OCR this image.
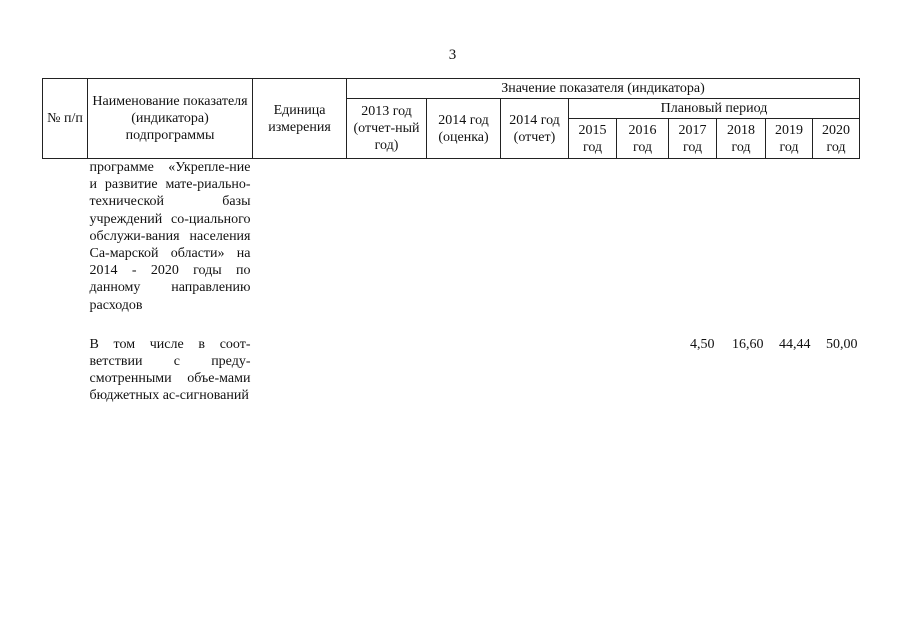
3
№ п/п	Наименование показателя (индикатора) подпрограммы	Единица измерения	Значение показателя (индикатора)								
			2013 год (отчет-ный год)	2014 год (оценка)	2014 год (отчет)	Плановый период					
						2015 год	2016 год	2017 год	2018 год	2019 год	2020 год
	программе «Укрепле-ние и развитие мате-риально-технической базы учреждений со-циального обслужи-вания населения Са-марской области» на 2014 - 2020 годы по данному направлению расходов										

	В том числе в соот-ветствии с преду-смотренными объе-мами бюджетных ас-сигнований							4,50	16,60	44,44	50,00
